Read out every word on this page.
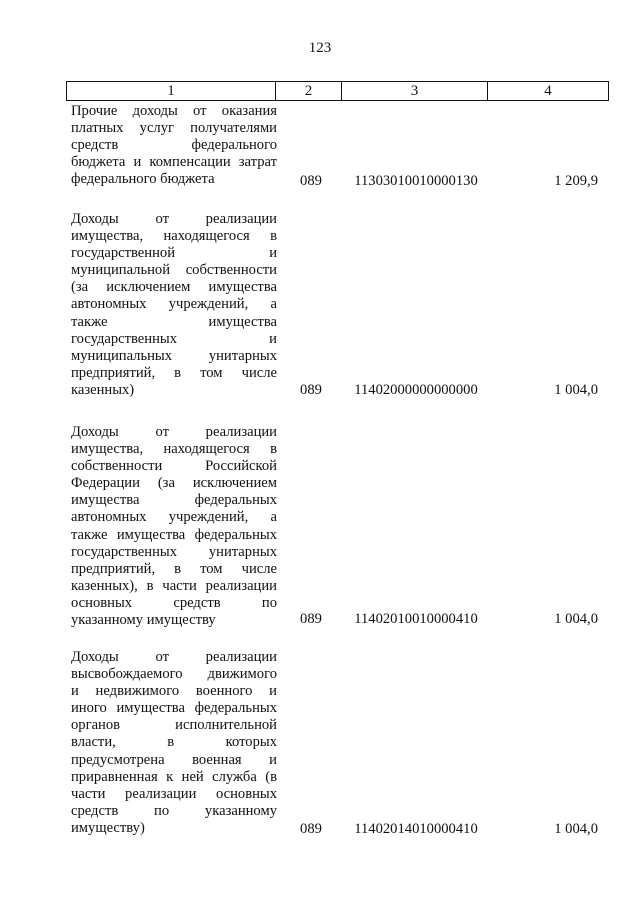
123
1	2	3	4
Прочие доходы от оказания
платных услуг получателями
средств федерального
бюджета и компенсации затрат
федерального бюджета	089	11303010010000130	1 209,9
Доходы от реализации
имущества, находящегося в
государственной и
муниципальной собственности
(за исключением имущества
автономных учреждений, а
также имущества
государственных и
муниципальных унитарных
предприятий, в том числе
казенных)	089	11402000000000000	1 004,0
Доходы от реализации
имущества, находящегося в
собственности Российской
Федерации (за исключением
имущества федеральных
автономных учреждений, а
также имущества федеральных
государственных унитарных
предприятий, в том числе
казенных), в части реализации
основных средств по
указанному имуществу	089	11402010010000410	1 004,0
Доходы от реализации
высвобождаемого движимого
и недвижимого военного и
иного имущества федеральных
органов исполнительной
власти, в которых
предусмотрена военная и
приравненная к ней служба (в
части реализации основных
средств по указанному
имуществу)	089	11402014010000410	1 004,0
